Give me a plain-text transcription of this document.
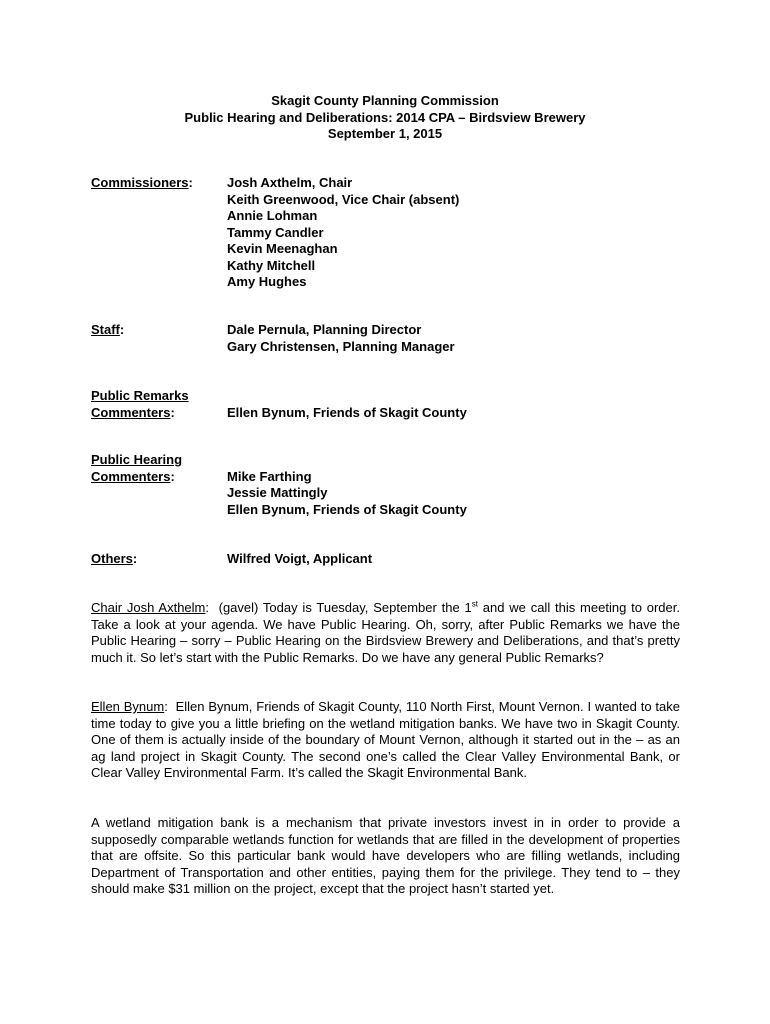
Skagit County Planning Commission
Public Hearing and Deliberations: 2014 CPA – Birdsview Brewery
September 1, 2015
Commissioners:	Josh Axthelm, Chair
Keith Greenwood, Vice Chair (absent)
Annie Lohman
Tammy Candler
Kevin Meenaghan
Kathy Mitchell
Amy Hughes
Staff:	Dale Pernula, Planning Director
Gary Christensen, Planning Manager
Public Remarks
Commenters:	Ellen Bynum, Friends of Skagit County
Public Hearing
Commenters:	Mike Farthing
Jessie Mattingly
Ellen Bynum, Friends of Skagit County
Others:	Wilfred Voigt, Applicant
Chair Josh Axthelm:  (gavel) Today is Tuesday, September the 1st and we call this meeting to order. Take a look at your agenda. We have Public Hearing. Oh, sorry, after Public Remarks we have the Public Hearing – sorry – Public Hearing on the Birdsview Brewery and Deliberations, and that’s pretty much it. So let’s start with the Public Remarks. Do we have any general Public Remarks?
Ellen Bynum:  Ellen Bynum, Friends of Skagit County, 110 North First, Mount Vernon. I wanted to take time today to give you a little briefing on the wetland mitigation banks. We have two in Skagit County. One of them is actually inside of the boundary of Mount Vernon, although it started out in the – as an ag land project in Skagit County. The second one’s called the Clear Valley Environmental Bank, or Clear Valley Environmental Farm. It’s called the Skagit Environmental Bank.
A wetland mitigation bank is a mechanism that private investors invest in in order to provide a supposedly comparable wetlands function for wetlands that are filled in the development of properties that are offsite. So this particular bank would have developers who are filling wetlands, including Department of Transportation and other entities, paying them for the privilege. They tend to – they should make $31 million on the project, except that the project hasn’t started yet.
